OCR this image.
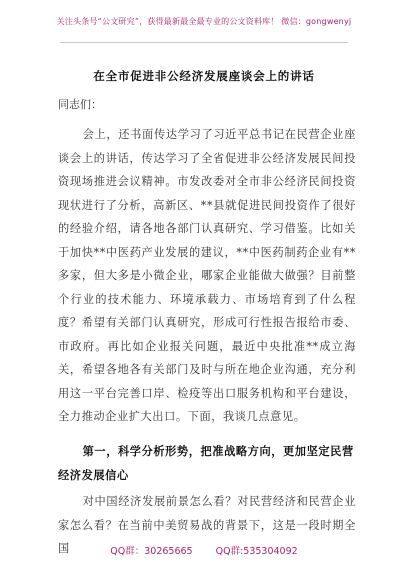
关注头条号“公文研究”，获得最新最全最专业的公文资料库！ 微信：gongwenyj
在全市促进非公经济发展座谈会上的讲话
同志们：

会上，还书面传达学习了习近平总书记在民营企业座谈会上的讲话，传达学习了全省促进非公经济发展民间投资现场推进会议精神。市发改委对全市非公经济民间投资现状进行了分析，高新区、**县就促进民间投资作了很好的经验介绍，请各地各部门认真研究、学习借鉴。比如关于加快**中医药产业发展的建议，**中医药制药企业有**多家，但大多是小微企业，哪家企业能做大做强？目前整个行业的技术能力、环境承载力、市场培育到了什么程度？希望有关部门认真研究，形成可行性报告报给市委、市政府。再比如企业报关问题，最近中央批准**成立海关，希望各地各有关部门及时与所在地企业沟通，充分利用这一平台完善口岸、检疫等出口服务机构和平台建设，全力推动企业扩大出口。下面，我谈几点意见。

第一，科学分析形势，把准战略方向，更加坚定民营经济发展信心

对中国经济发展前景怎么看？对民营经济和民营企业家怎么看？在当前中美贸易战的背景下，这是一段时期全国	QQ群：30265665 QQ群:535304092
